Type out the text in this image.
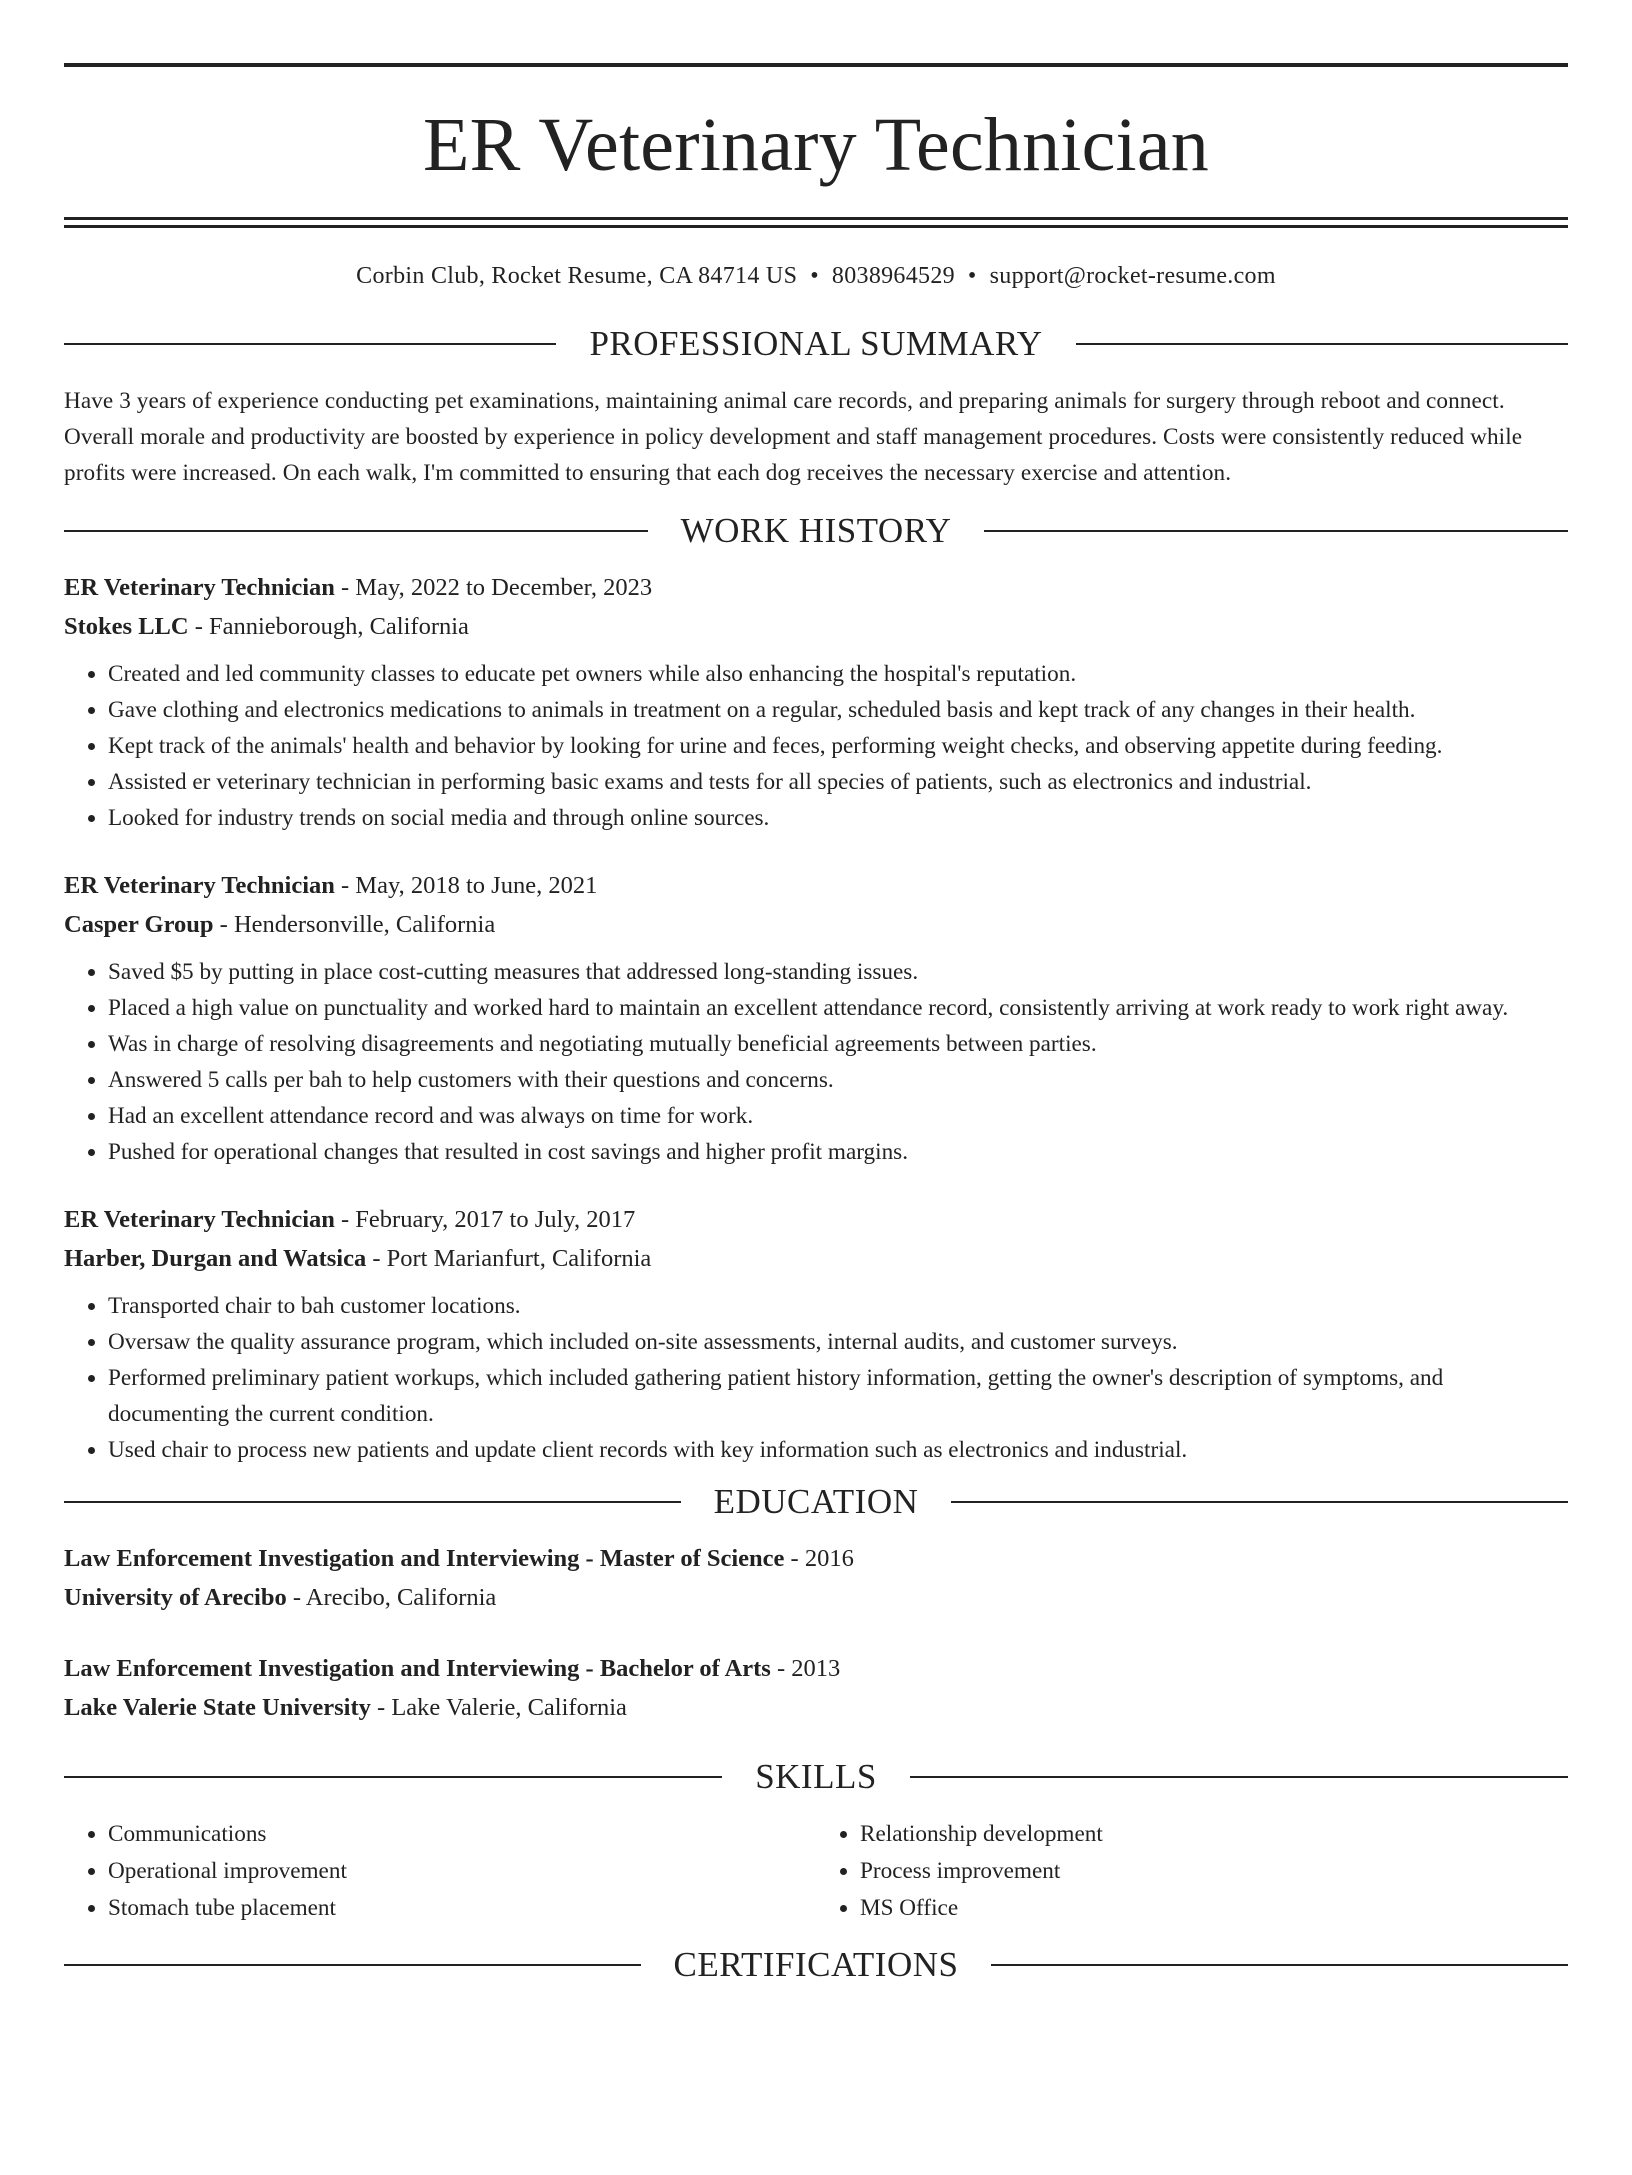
ER Veterinary Technician
Corbin Club, Rocket Resume, CA 84714 US • 8038964529 • support@rocket-resume.com
PROFESSIONAL SUMMARY

Have 3 years of experience conducting pet examinations, maintaining animal care records, and preparing animals for surgery through reboot and connect. Overall morale and productivity are boosted by experience in policy development and staff management procedures. Costs were consistently reduced while profits were increased. On each walk, I'm committed to ensuring that each dog receives the necessary exercise and attention.

WORK HISTORY
ER Veterinary Technician - May, 2022 to December, 2023
Stokes LLC - Fannieborough, California
• Created and led community classes to educate pet owners while also enhancing the hospital's reputation.
• Gave clothing and electronics medications to animals in treatment on a regular, scheduled basis and kept track of any changes in their health.
• Kept track of the animals' health and behavior by looking for urine and feces, performing weight checks, and observing appetite during feeding.
• Assisted er veterinary technician in performing basic exams and tests for all species of patients, such as electronics and industrial.
• Looked for industry trends on social media and through online sources.
ER Veterinary Technician - May, 2018 to June, 2021
Casper Group - Hendersonville, California
• Saved $5 by putting in place cost-cutting measures that addressed long-standing issues.
• Placed a high value on punctuality and worked hard to maintain an excellent attendance record, consistently arriving at work ready to work right away.
• Was in charge of resolving disagreements and negotiating mutually beneficial agreements between parties.
• Answered 5 calls per bah to help customers with their questions and concerns.
• Had an excellent attendance record and was always on time for work.
• Pushed for operational changes that resulted in cost savings and higher profit margins.
ER Veterinary Technician - February, 2017 to July, 2017
Harber, Durgan and Watsica - Port Marianfurt, California
• Transported chair to bah customer locations.
• Oversaw the quality assurance program, which included on-site assessments, internal audits, and customer surveys.
• Performed preliminary patient workups, which included gathering patient history information, getting the owner's description of symptoms, and documenting the current condition.
• Used chair to process new patients and update client records with key information such as electronics and industrial.
EDUCATION
Law Enforcement Investigation and Interviewing - Master of Science - 2016
University of Arecibo - Arecibo, California
Law Enforcement Investigation and Interviewing - Bachelor of Arts - 2013
Lake Valerie State University - Lake Valerie, California
SKILLS
• Communications
• Operational improvement
• Stomach tube placement
• Relationship development
• Process improvement
• MS Office
CERTIFICATIONS
